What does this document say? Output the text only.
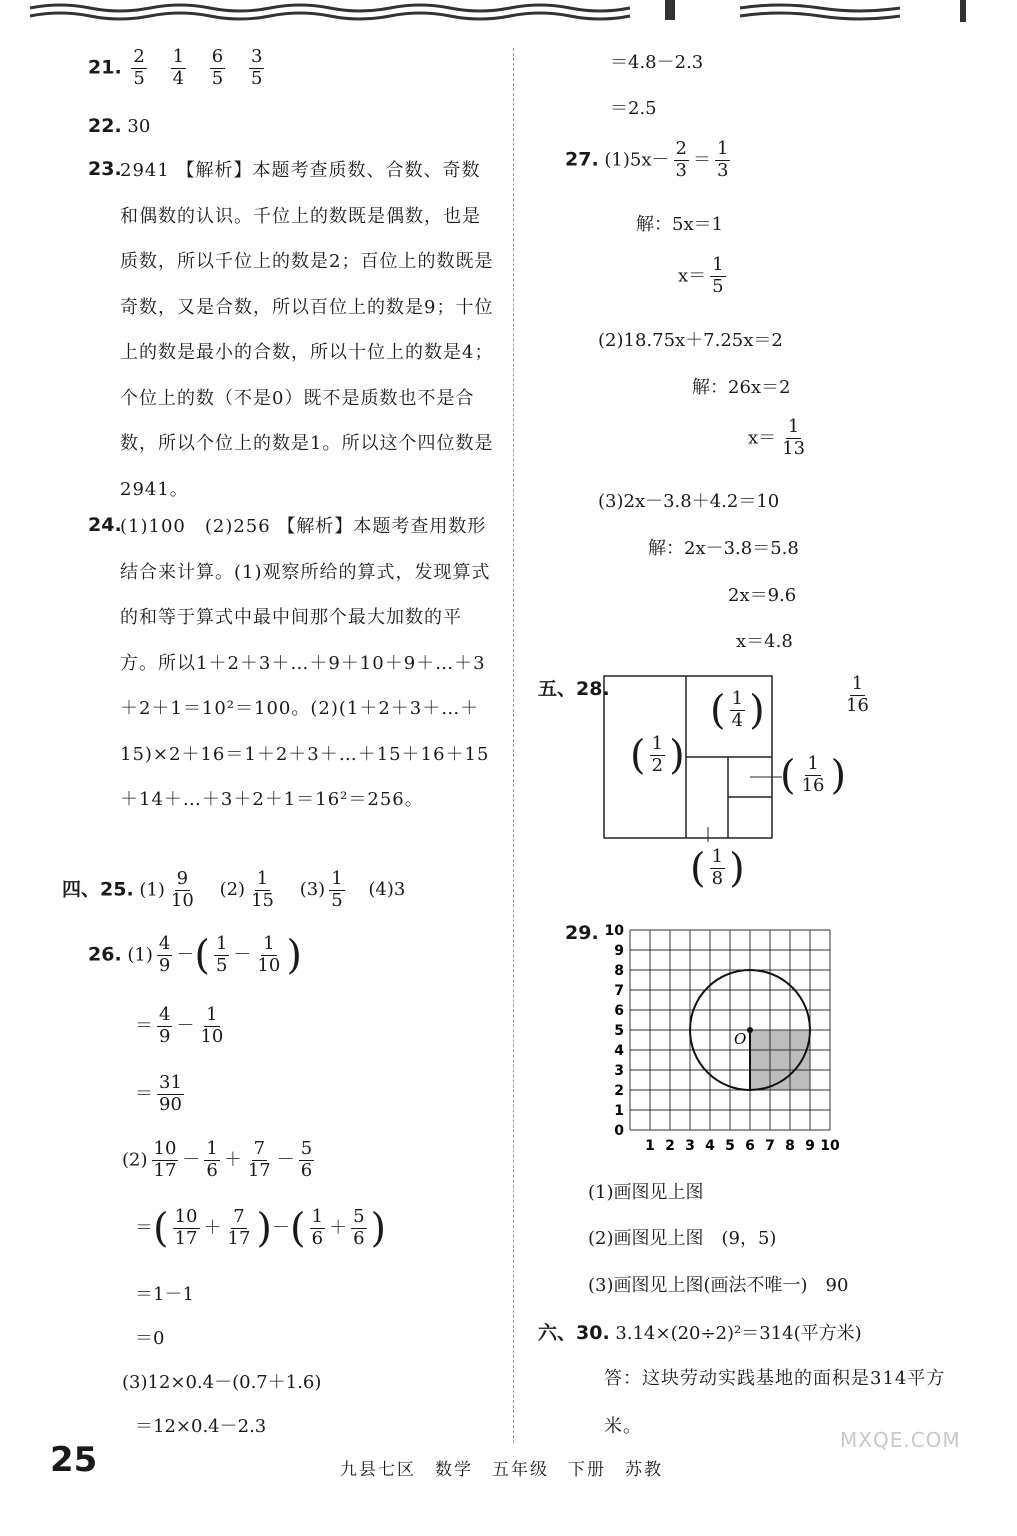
21. $\frac{2}{5}$
$\frac{1}{4}$
$\frac{6}{5}$
$\frac{3}{5}$
22. 30
23.
2941 【解析】本题考查质数、合数、奇数和偶数的认识。千位上的数既是偶数，也是质数，所以千位上的数是2；百位上的数既是奇数，又是合数，所以百位上的数是9；十位上的数是最小的合数，所以十位上的数是4；个位上的数（不是0）既不是质数也不是合数，所以个位上的数是1。所以这个四位数是2941。
24.
(1)100　(2)256 【解析】本题考查用数形结合来计算。(1)观察所给的算式，发现算式的和等于算式中最中间那个最大加数的平方。所以1＋2＋3＋…＋9＋10＋9＋…＋3＋2＋1＝10²＝100。(2)(1＋2＋3＋…＋15)×2＋16＝1＋2＋3＋…＋15＋16＋15＋14＋…＋3＋2＋1＝16²＝256。
四、25. $(1) \frac{9}{10} (2) \frac{1}{15} (3) \frac{1}{5} (4)3$
26. $(1) \frac{4}{9}$ －( $\frac{1}{5} - \frac{1}{10}$ )
＝ $\frac{4}{9} - \frac{1}{10}$
＝ $\frac{31}{90}$
$(2) \frac{10}{17} - \frac{1}{6} + \frac{7}{17} - \frac{5}{6}$
＝( $\frac{10}{17} + \frac{7}{17}$ )－( $\frac{1}{6} + \frac{5}{6}$ )
＝1－1
＝0
(3)12×0.4－(0.7＋1.6)
＝12×0.4－2.3
＝4.8－2.3
＝2.5
27. $(1)5x- \frac{2}{3} = \frac{1}{3}$
解：5x＝1
$x= \frac{1}{5}$
(2)18.75x＋7.25x＝2
解：26x＝2
$x= \frac{1}{13}$
(3)2x－3.8＋4.2＝10
解：2x－3.8＝5.8
2x＝9.6
x＝4.8
五、28.
( $\frac{1}{2}$ )
( $\frac{1}{4}$ )
( $\frac{1}{16}$ )
( $\frac{1}{8}$ )
$\frac{1}{16}$
29.
O
10
9
8
7
6
5
4
3
2
1
0
1 2 3 4 5 6 7 8 9 10
(1)画图见上图
(2)画图见上图　(9，5)
(3)画图见上图(画法不唯一)　90
六、30. 3.14×(20÷2)²＝314(平方米)
答：这块劳动实践基地的面积是314平方米。
25	九县七区　数学　五年级　下册　苏教
MXQE.COM
